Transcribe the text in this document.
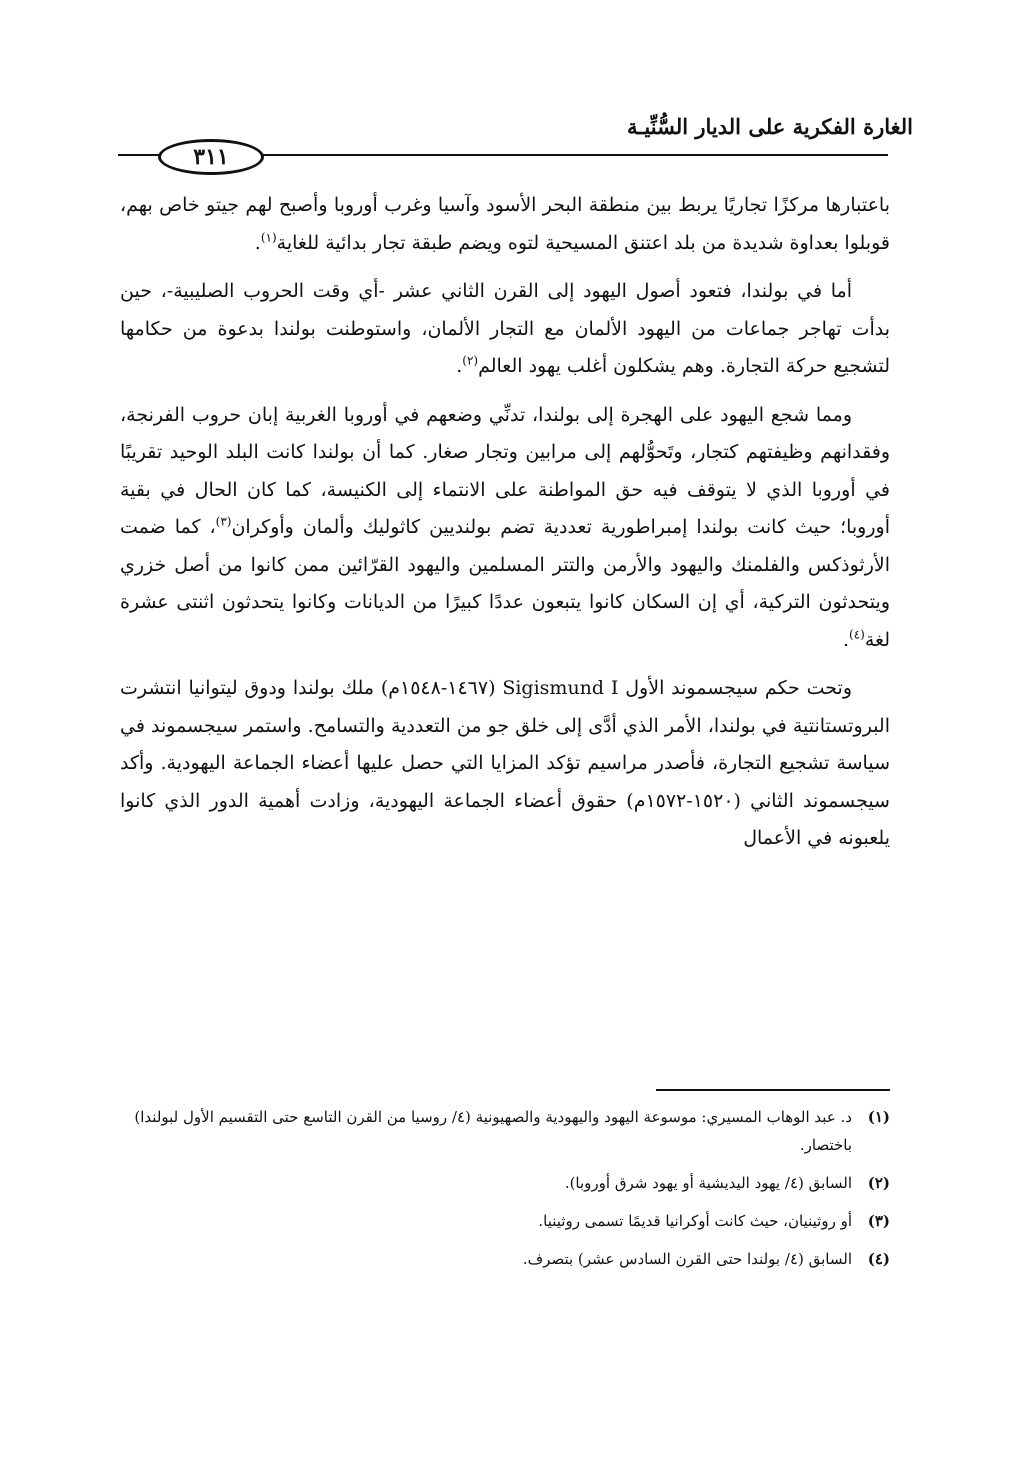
الغارة الفكرية على الديار السُّنِّيـة
٣١١

باعتبارها مركزًا تجاريًا يربط بين منطقة البحر الأسود وآسيا وغرب أوروبا وأصبح لهم جيتو خاص بهم، قوبلوا بعداوة شديدة من بلد اعتنق المسيحية لتوه ويضم طبقة تجار بدائية للغاية$^{(١)}$.

أما في بولندا، فتعود أصول اليهود إلى القرن الثاني عشر -أي وقت الحروب الصليبية-، حين بدأت تهاجر جماعات من اليهود الألمان مع التجار الألمان، واستوطنت بولندا بدعوة من حكامها لتشجيع حركة التجارة. وهم يشكلون أغلب يهود العالم$^{(٢)}$.

ومما شجع اليهود على الهجرة إلى بولندا، تدنِّي وضعهم في أوروبا الغربية إبان حروب الفرنجة، وفقدانهم وظيفتهم كتجار، وتَحوُّلهم إلى مرابين وتجار صغار. كما أن بولندا كانت البلد الوحيد تقريبًا في أوروبا الذي لا يتوقف فيه حق المواطنة على الانتماء إلى الكنيسة، كما كان الحال في بقية أوروبا؛ حيث كانت بولندا إمبراطورية تعددية تضم بولنديين كاثوليك وألمان وأوكران$^{(٣)}$، كما ضمت الأرثوذكس والفلمنك واليهود والأرمن والتتر المسلمين واليهود القرّائين ممن كانوا من أصل خزري ويتحدثون التركية، أي إن السكان كانوا يتبعون عددًا كبيرًا من الديانات وكانوا يتحدثون اثنتى عشرة لغة$^{(٤)}$.

وتحت حكم سيجسموند الأول Sigismund I (١٤٦٧-١٥٤٨م) ملك بولندا ودوق ليتوانيا انتشرت البروتستانتية في بولندا، الأمر الذي أدَّى إلى خلق جو من التعددية والتسامح. واستمر سيجسموند في سياسة تشجيع التجارة، فأصدر مراسيم تؤكد المزايا التي حصل عليها أعضاء الجماعة اليهودية. وأكد سيجسموند الثاني (١٥٢٠-١٥٧٢م) حقوق أعضاء الجماعة اليهودية، وزادت أهمية الدور الذي كانوا يلعبونه في الأعمال

(١)
د. عبد الوهاب المسيري: موسوعة اليهود واليهودية والصهيونية (٤/ روسيا من القرن التاسع حتى التقسيم الأول لبولندا) باختصار.
(٢)
السابق (٤/ يهود اليديشية أو يهود شرق أوروبا).
(٣)
أو روثينيان، حيث كانت أوكرانيا قديمًا تسمى روثينيا.
(٤)
السابق (٤/ بولندا حتى القرن السادس عشر) بتصرف.
